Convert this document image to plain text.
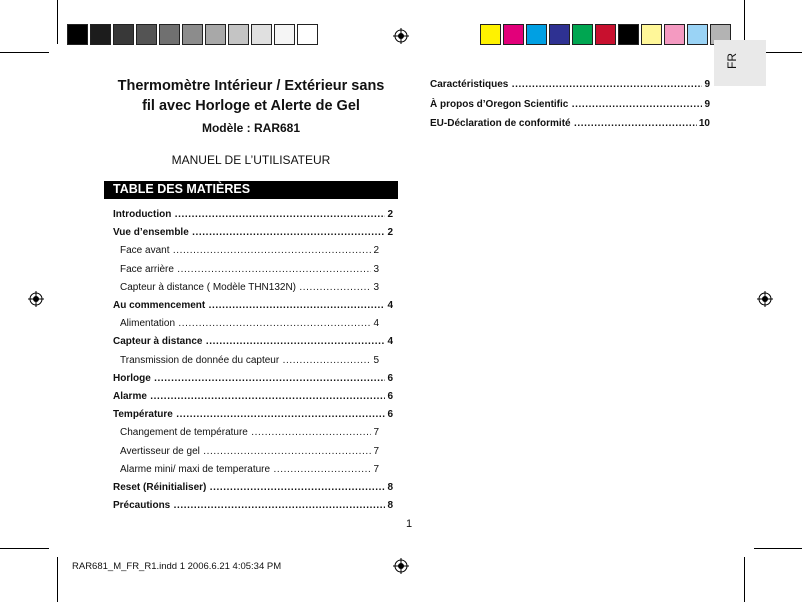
FR
Thermomètre Intérieur / Extérieur sans
fil avec Horloge et Alerte de Gel
Modèle : RAR681
MANUEL DE L’UTILISATEUR
TABLE DES MATIÈRES
Introduction .....	2
Vue d’ensemble .....	2
Face avant .....	2
Face arrière .....	3
Capteur à distance ( Modèle THN132N) .....	3
Au commencement .....	4
Alimentation .....	4
Capteur à distance .....	4
Transmission de donnée du capteur .....	5
Horloge .....	6
Alarme .....	6
Température .....	6
Changement de température .....	7
Avertisseur de gel .....	7
Alarme mini/ maxi de temperature .....	7
Reset (Réinitialiser) .....	8
Précautions .....	8
Caractéristiques .....	9
À propos d’Oregon Scientific .....	9
EU-Déclaration de conformité .....	10
1
RAR681_M_FR_R1.indd 1 2006.6.21 4:05:34 PM
